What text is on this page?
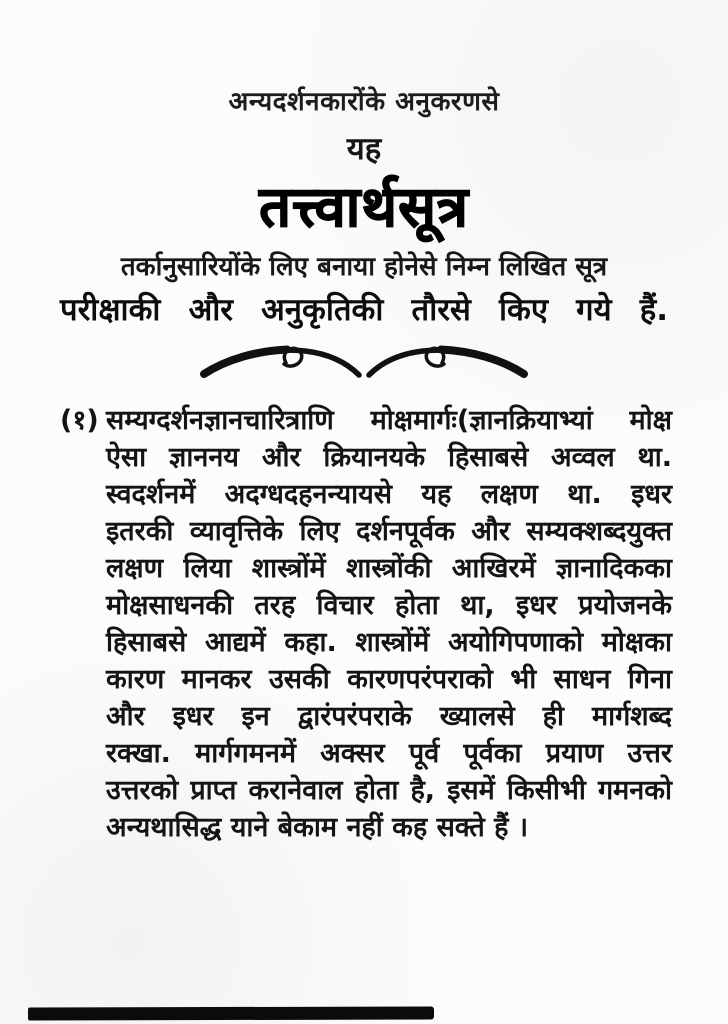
अन्यदर्शनकारोंके अनुकरणसे
यह
तत्त्वार्थसूत्र
तर्कानुसारियोंके लिए बनाया होनेसे निम्न लिखित सूत्र
परीक्षाकी और अनुकृतिकी तौरसे किए गये हैं.
(१) सम्यग्दर्शनज्ञानचारित्राणि मोक्षमार्गः(ज्ञानक्रियाभ्यां मोक्ष
ऐसा ज्ञाननय और क्रियानयके हिसाबसे अव्वल था.
स्वदर्शनमें अदग्धदहनन्यायसे यह लक्षण था. इधर
इतरकी व्यावृत्तिके लिए दर्शनपूर्वक और सम्यक्शब्दयुक्त
लक्षण लिया शास्त्रोंमें शास्त्रोंकी आखिरमें ज्ञानादिकका
मोक्षसाधनकी तरह विचार होता था, इधर प्रयोजनके
हिसाबसे आद्यमें कहा. शास्त्रोंमें अयोगिपणाको मोक्षका
कारण मानकर उसकी कारणपरंपराको भी साधन गिना
और इधर इन द्वारंपरंपराके ख्यालसे ही मार्गशब्द
रक्खा. मार्गगमनमें अक्सर पूर्व पूर्वका प्रयाण उत्तर
उत्तरको प्राप्त करानेवाल होता है, इसमें किसीभी गमनको
अन्यथासिद्ध याने बेकाम नहीं कह सक्ते हैं ।
